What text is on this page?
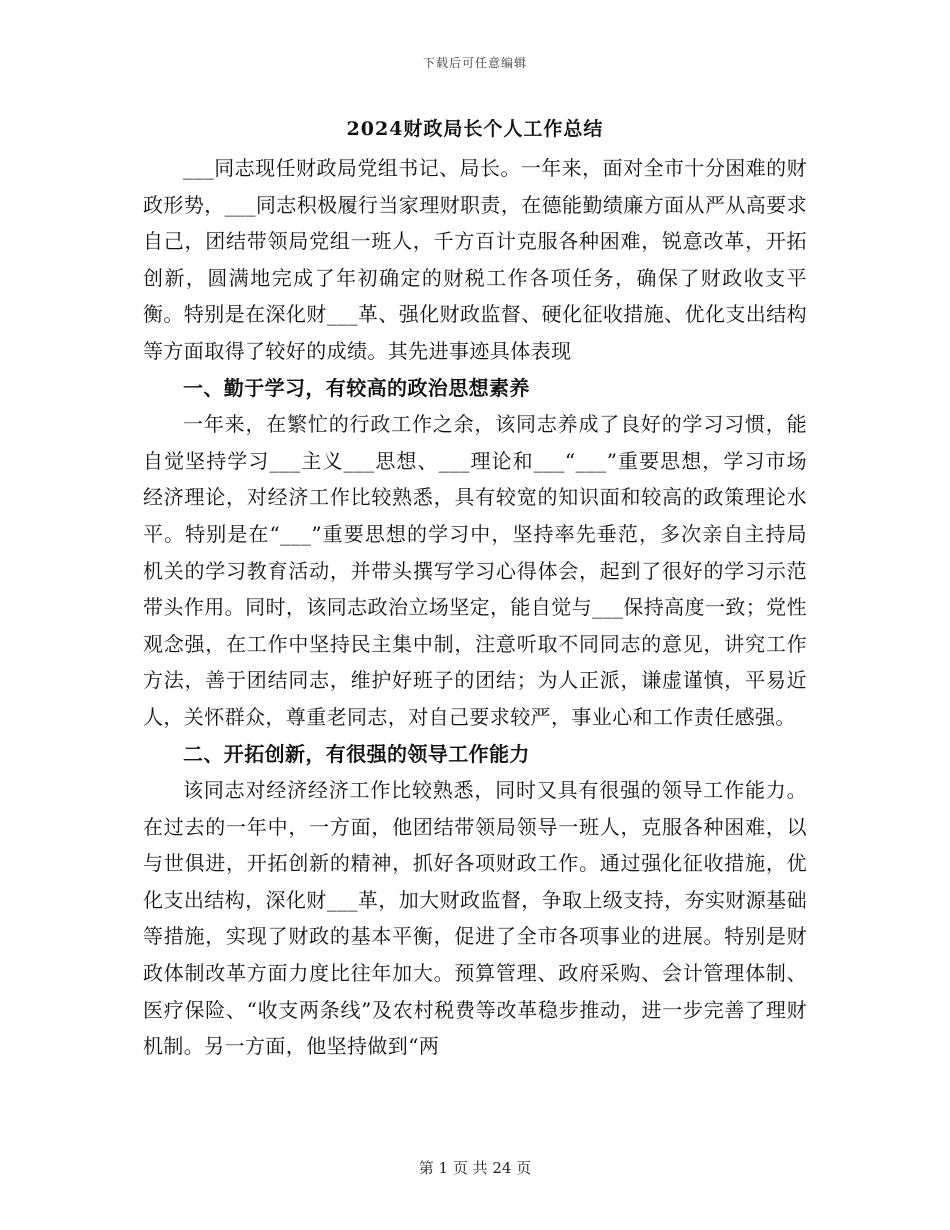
下载后可任意编辑
2024财政局长个人工作总结

___同志现任财政局党组书记、局长。一年来，面对全市十分困难的财政形势，___同志积极履行当家理财职责，在德能勤绩廉方面从严从高要求自己，团结带领局党组一班人，千方百计克服各种困难，锐意改革，开拓创新，圆满地完成了年初确定的财税工作各项任务，确保了财政收支平衡。特别是在深化财___革、强化财政监督、硬化征收措施、优化支出结构等方面取得了较好的成绩。其先进事迹具体表现

一、勤于学习，有较高的政治思想素养

一年来，在繁忙的行政工作之余，该同志养成了良好的学习习惯，能自觉坚持学习___主义___思想、___理论和___“___”重要思想，学习市场经济理论，对经济工作比较熟悉，具有较宽的知识面和较高的政策理论水平。特别是在“___”重要思想的学习中，坚持率先垂范，多次亲自主持局机关的学习教育活动，并带头撰写学习心得体会，起到了很好的学习示范带头作用。同时，该同志政治立场坚定，能自觉与___保持高度一致；党性观念强，在工作中坚持民主集中制，注意听取不同同志的意见，讲究工作方法，善于团结同志，维护好班子的团结；为人正派，谦虚谨慎，平易近人，关怀群众，尊重老同志，对自己要求较严，事业心和工作责任感强。

二、开拓创新，有很强的领导工作能力

该同志对经济经济工作比较熟悉，同时又具有很强的领导工作能力。在过去的一年中，一方面，他团结带领局领导一班人，克服各种困难，以与世俱进，开拓创新的精神，抓好各项财政工作。通过强化征收措施，优化支出结构，深化财___革，加大财政监督，争取上级支持，夯实财源基础等措施，实现了财政的基本平衡，促进了全市各项事业的进展。特别是财政体制改革方面力度比往年加大。预算管理、政府采购、会计管理体制、医疗保险、“收支两条线”及农村税费等改革稳步推动，进一步完善了理财机制。另一方面，他坚持做到“两

第 1 页 共 24 页
